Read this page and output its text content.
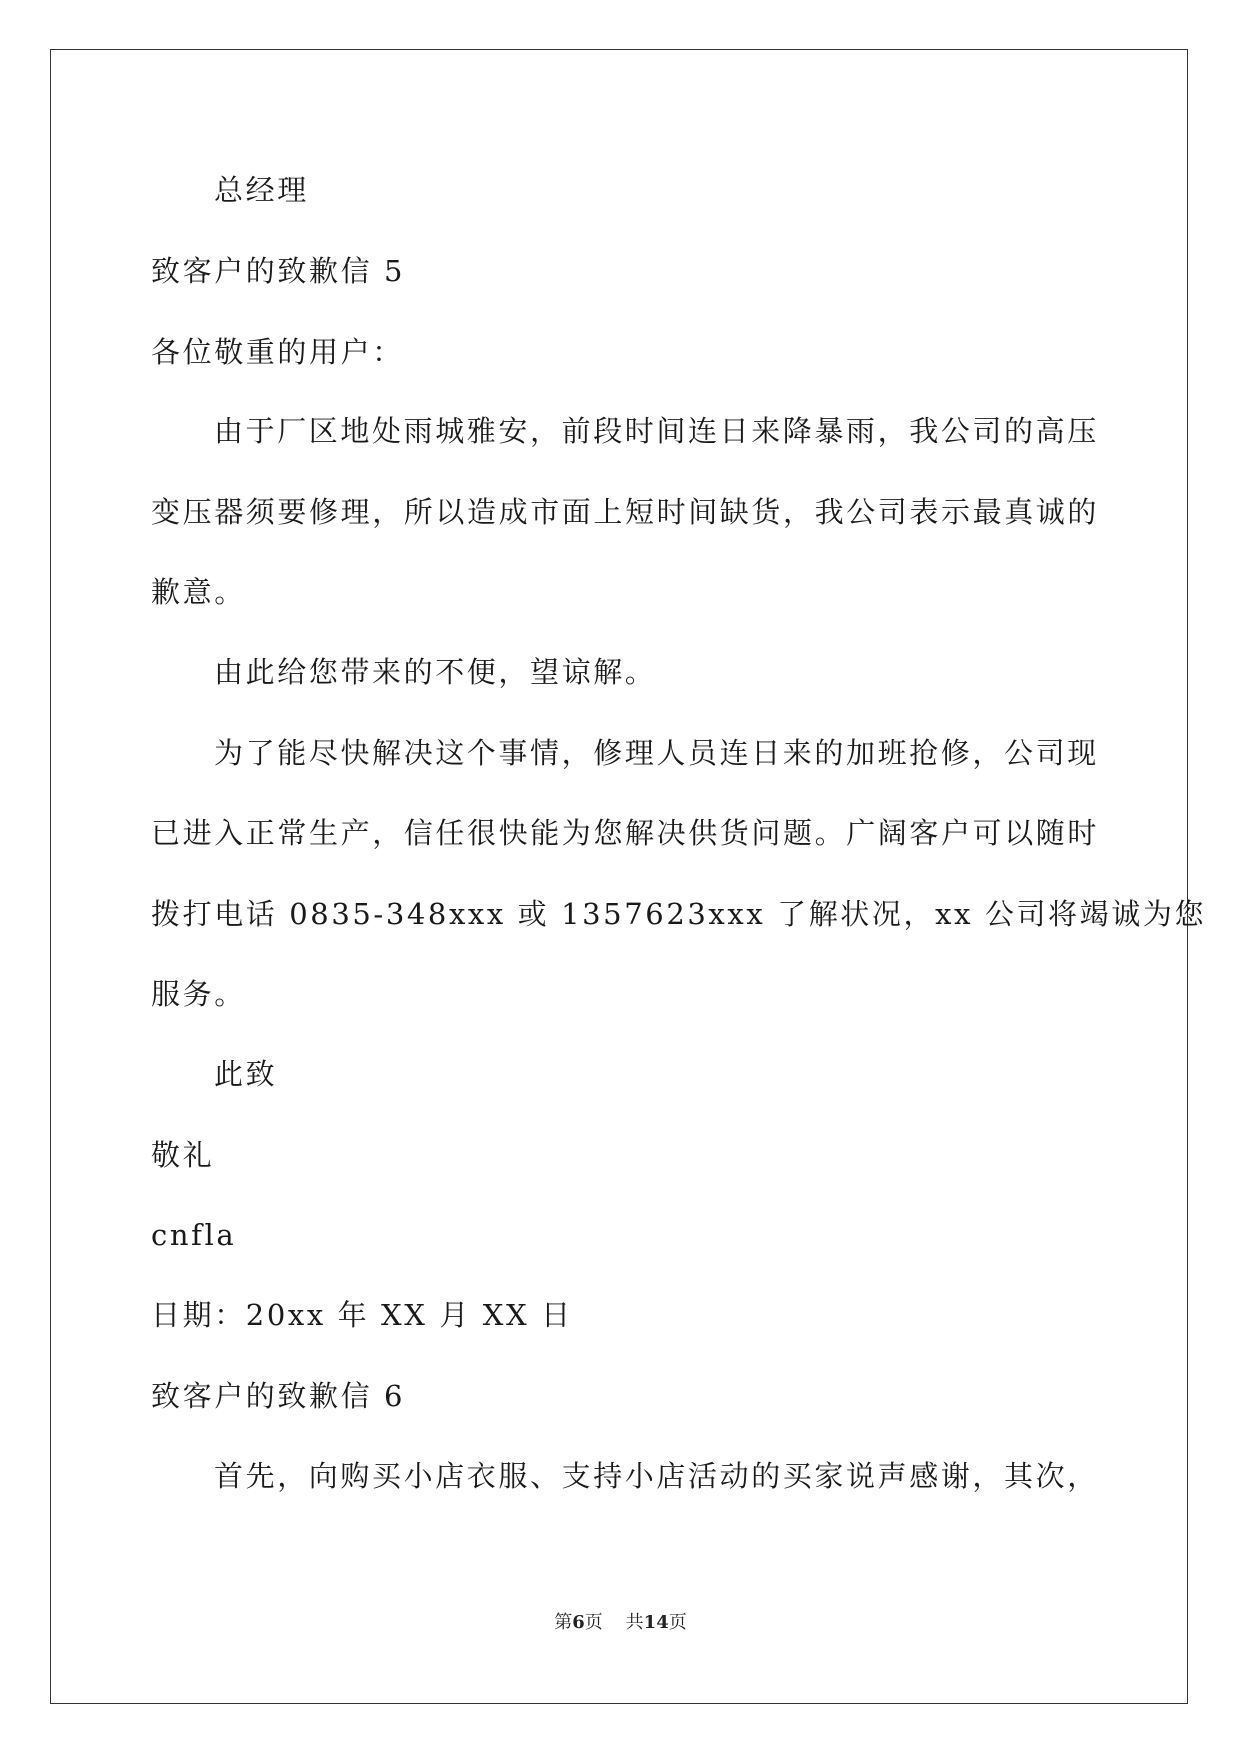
总经理
致客户的致歉信 5
各位敬重的用户：
由于厂区地处雨城雅安，前段时间连日来降暴雨，我公司的高压
变压器须要修理，所以造成市面上短时间缺货，我公司表示最真诚的
歉意。
由此给您带来的不便，望谅解。
为了能尽快解决这个事情，修理人员连日来的加班抢修，公司现
已进入正常生产，信任很快能为您解决供货问题。广阔客户可以随时
拨打电话 0835-348xxx 或 1357623xxx 了解状况，xx 公司将竭诚为您
服务。
此致
敬礼
cnfla
日期：20xx 年 XX 月 XX 日
致客户的致歉信 6
首先，向购买小店衣服、支持小店活动的买家说声感谢，其次，
第6页 共14页
